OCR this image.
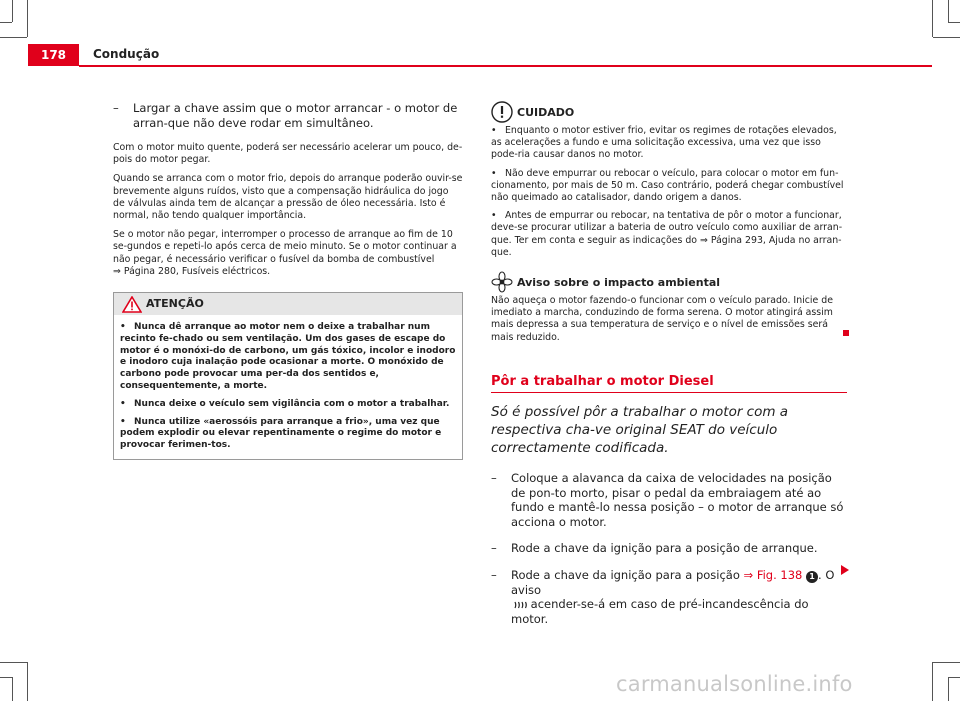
178	Condução
– Largar a chave assim que o motor arrancar - o motor de arran-que não deve rodar em simultâneo.

Com o motor muito quente, poderá ser necessário acelerar um pouco, de-pois do motor pegar.

Quando se arranca com o motor frio, depois do arranque poderão ouvir-se brevemente alguns ruídos, visto que a compensação hidráulica do jogo de válvulas ainda tem de alcançar a pressão de óleo necessária. Isto é normal, não tendo qualquer importância.

Se o motor não pegar, interromper o processo de arranque ao fim de 10 se-gundos e repeti-lo após cerca de meio minuto. Se o motor continuar a não pegar, é necessário verificar o fusível da bomba de combustível
⇒ Página 280, Fusíveis eléctricos.

ATENÇÃO
• Nunca dê arranque ao motor nem o deixe a trabalhar num recinto fe-chado ou sem ventilação. Um dos gases de escape do motor é o monóxi-do de carbono, um gás tóxico, incolor e inodoro e inodoro cuja inalação pode ocasionar a morte. O monóxido de carbono pode provocar uma per-da dos sentidos e, consequentemente, a morte.
• Nunca deixe o veículo sem vigilância com o motor a trabalhar.
• Nunca utilize «aerossóis para arranque a frio», uma vez que podem explodir ou elevar repentinamente o regime do motor e provocar ferimen-tos.
CUIDADO
• Enquanto o motor estiver frio, evitar os regimes de rotações elevados, as acelerações a fundo e uma solicitação excessiva, uma vez que isso pode-ria causar danos no motor.
• Não deve empurrar ou rebocar o veículo, para colocar o motor em fun-cionamento, por mais de 50 m. Caso contrário, poderá chegar combustível não queimado ao catalisador, dando origem a danos.
• Antes de empurrar ou rebocar, na tentativa de pôr o motor a funcionar, deve-se procurar utilizar a bateria de outro veículo como auxiliar de arran-que. Ter em conta e seguir as indicações do ⇒ Página 293, Ajuda no arran-que.
Aviso sobre o impacto ambiental

Não aqueça o motor fazendo-o funcionar com o veículo parado. Inicie de imediato a marcha, conduzindo de forma serena. O motor atingirá assim mais depressa a sua temperatura de serviço e o nível de emissões será mais reduzido.

Pôr a trabalhar o motor Diesel
Só é possível pôr a trabalhar o motor com a respectiva cha-ve original SEAT do veículo correctamente codificada.
– Coloque a alavanca da caixa de velocidades na posição de pon-to morto, pisar o pedal da embraiagem até ao fundo e mantê-lo nessa posição – o motor de arranque só acciona o motor.
– Rode a chave da ignição para a posição de arranque.
– Rode a chave da ignição para a posição ⇒ Fig. 138 1 . O aviso
acender-se-á em caso de pré-incandescência do motor.
carmanualsonline.info
